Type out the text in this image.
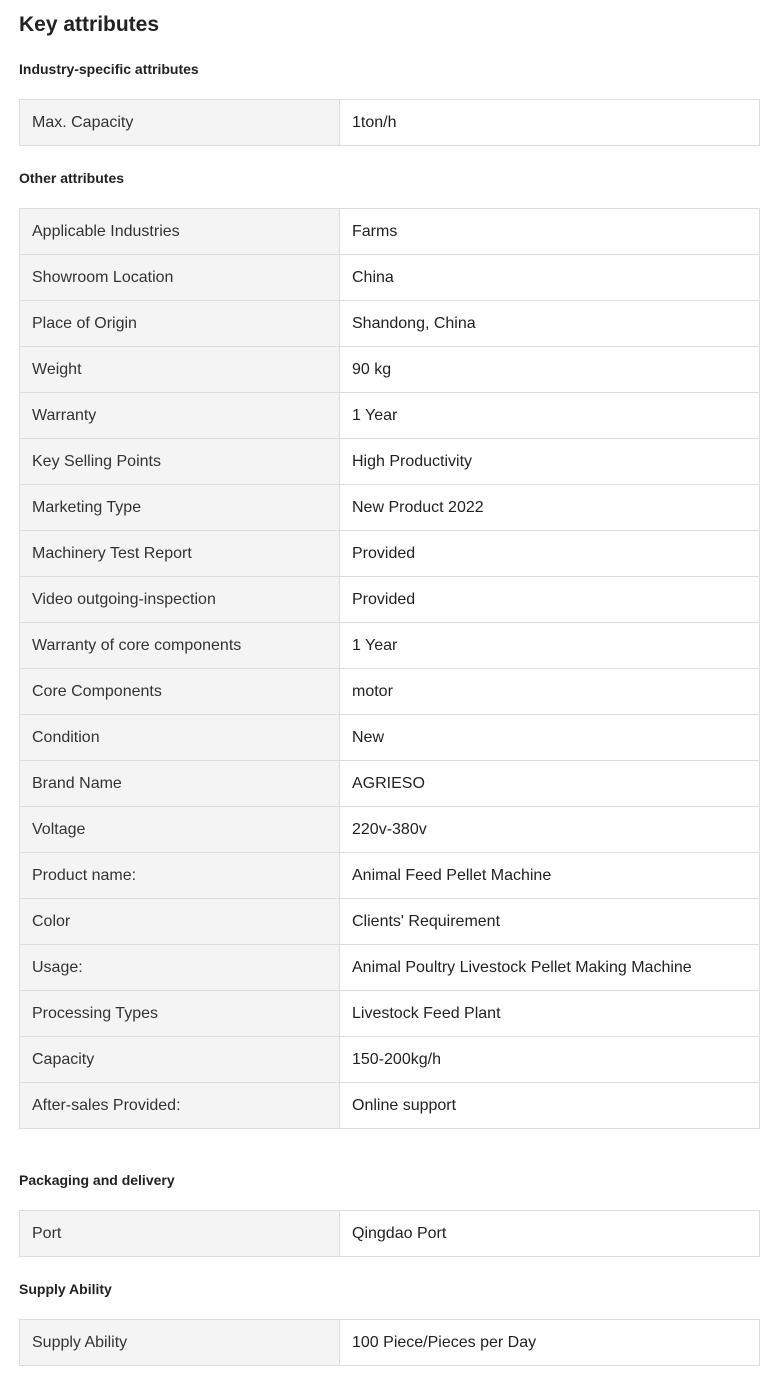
Key attributes
Industry-specific attributes
Max. Capacity	1ton/h
Other attributes
Applicable Industries	Farms
Showroom Location	China
Place of Origin	Shandong, China
Weight	90 kg
Warranty	1 Year
Key Selling Points	High Productivity
Marketing Type	New Product 2022
Machinery Test Report	Provided
Video outgoing-inspection	Provided
Warranty of core components	1 Year
Core Components	motor
Condition	New
Brand Name	AGRIESO
Voltage	220v-380v
Product name:	Animal Feed Pellet Machine
Color	Clients' Requirement
Usage:	Animal Poultry Livestock Pellet Making Machine
Processing Types	Livestock Feed Plant
Capacity	150-200kg/h
After-sales Provided:	Online support
Packaging and delivery
Port	Qingdao Port
Supply Ability
Supply Ability	100 Piece/Pieces per Day
